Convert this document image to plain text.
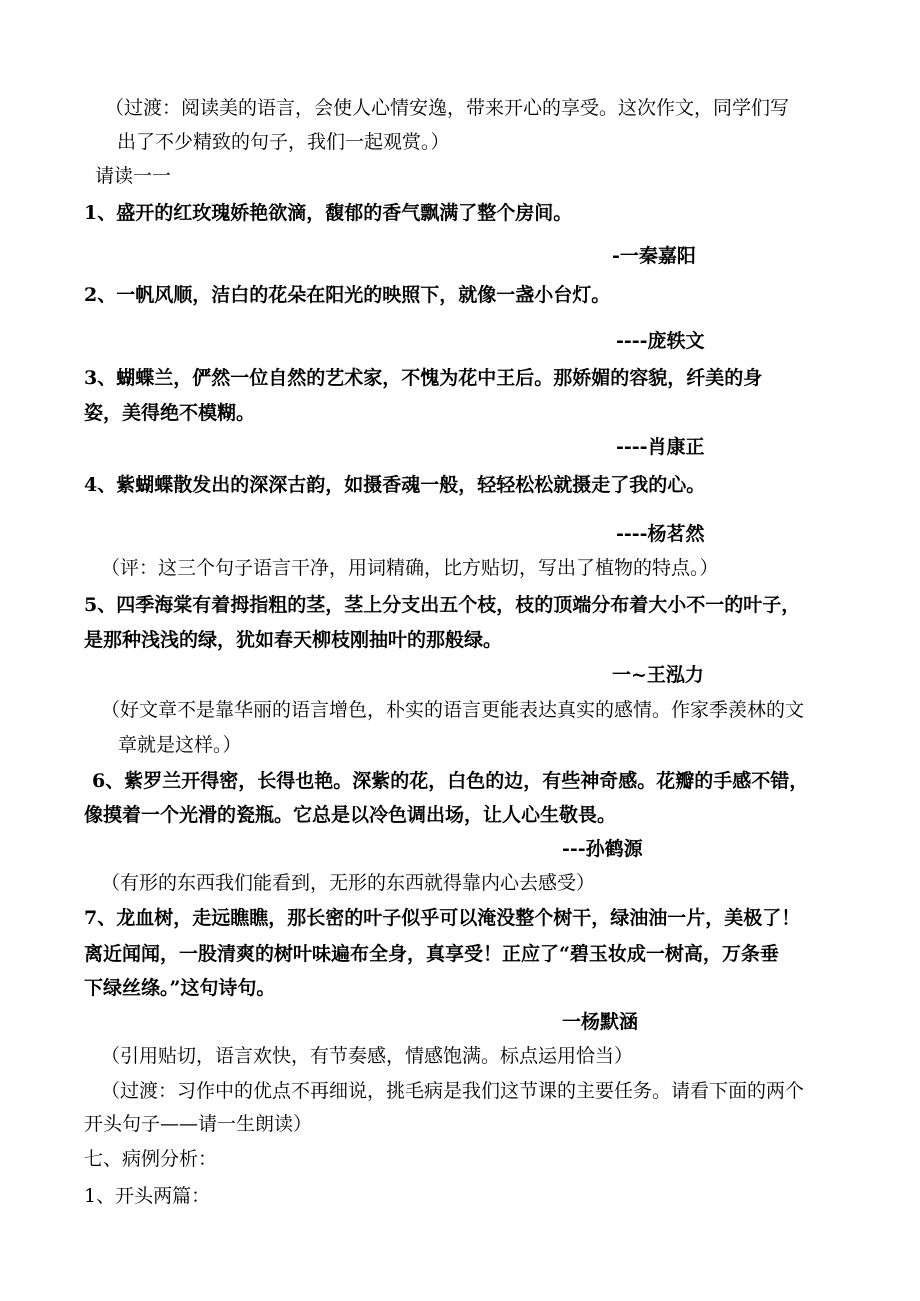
（过渡：阅读美的语言，会使人心情安逸，带来开心的享受。这次作文，同学们写
出了不少精致的句子，我们一起观赏。）
请读一一
1、盛开的红玫瑰娇艳欲滴，馥郁的香气飘满了整个房间。
-一秦嘉阳
2、一帆风顺，洁白的花朵在阳光的映照下，就像一盏小台灯。
----庞轶文
3、蝴蝶兰，俨然一位自然的艺术家，不愧为花中王后。那娇媚的容貌，纤美的身
姿，美得绝不模糊。
----肖康正
4、紫蝴蝶散发出的深深古韵，如摄香魂一般，轻轻松松就摄走了我的心。
----杨茗然
（评：这三个句子语言干净，用词精确，比方贴切，写出了植物的特点。）
5、四季海棠有着拇指粗的茎，茎上分支出五个枝，枝的顶端分布着大小不一的叶子，
是那种浅浅的绿，犹如春天柳枝刚抽叶的那般绿。
一~王泓力
（好文章不是靠华丽的语言增色，朴实的语言更能表达真实的感情。作家季羡林的文
章就是这样。）
6、紫罗兰开得密，长得也艳。深紫的花，白色的边，有些神奇感。花瓣的手感不错，
像摸着一个光滑的瓷瓶。它总是以冷色调出场，让人心生敬畏。
---孙鹤源
（有形的东西我们能看到，无形的东西就得靠内心去感受）
7、龙血树，走远瞧瞧，那长密的叶子似乎可以淹没整个树干，绿油油一片，美极了！
离近闻闻，一股清爽的树叶味遍布全身，真享受！正应了“碧玉妆成一树高，万条垂
下绿丝绦。”这句诗句。
一杨默涵
（引用贴切，语言欢快，有节奏感，情感饱满。标点运用恰当）
（过渡：习作中的优点不再细说，挑毛病是我们这节课的主要任务。请看下面的两个
开头句子——请一生朗读）
七、病例分析：
1、开头两篇：
